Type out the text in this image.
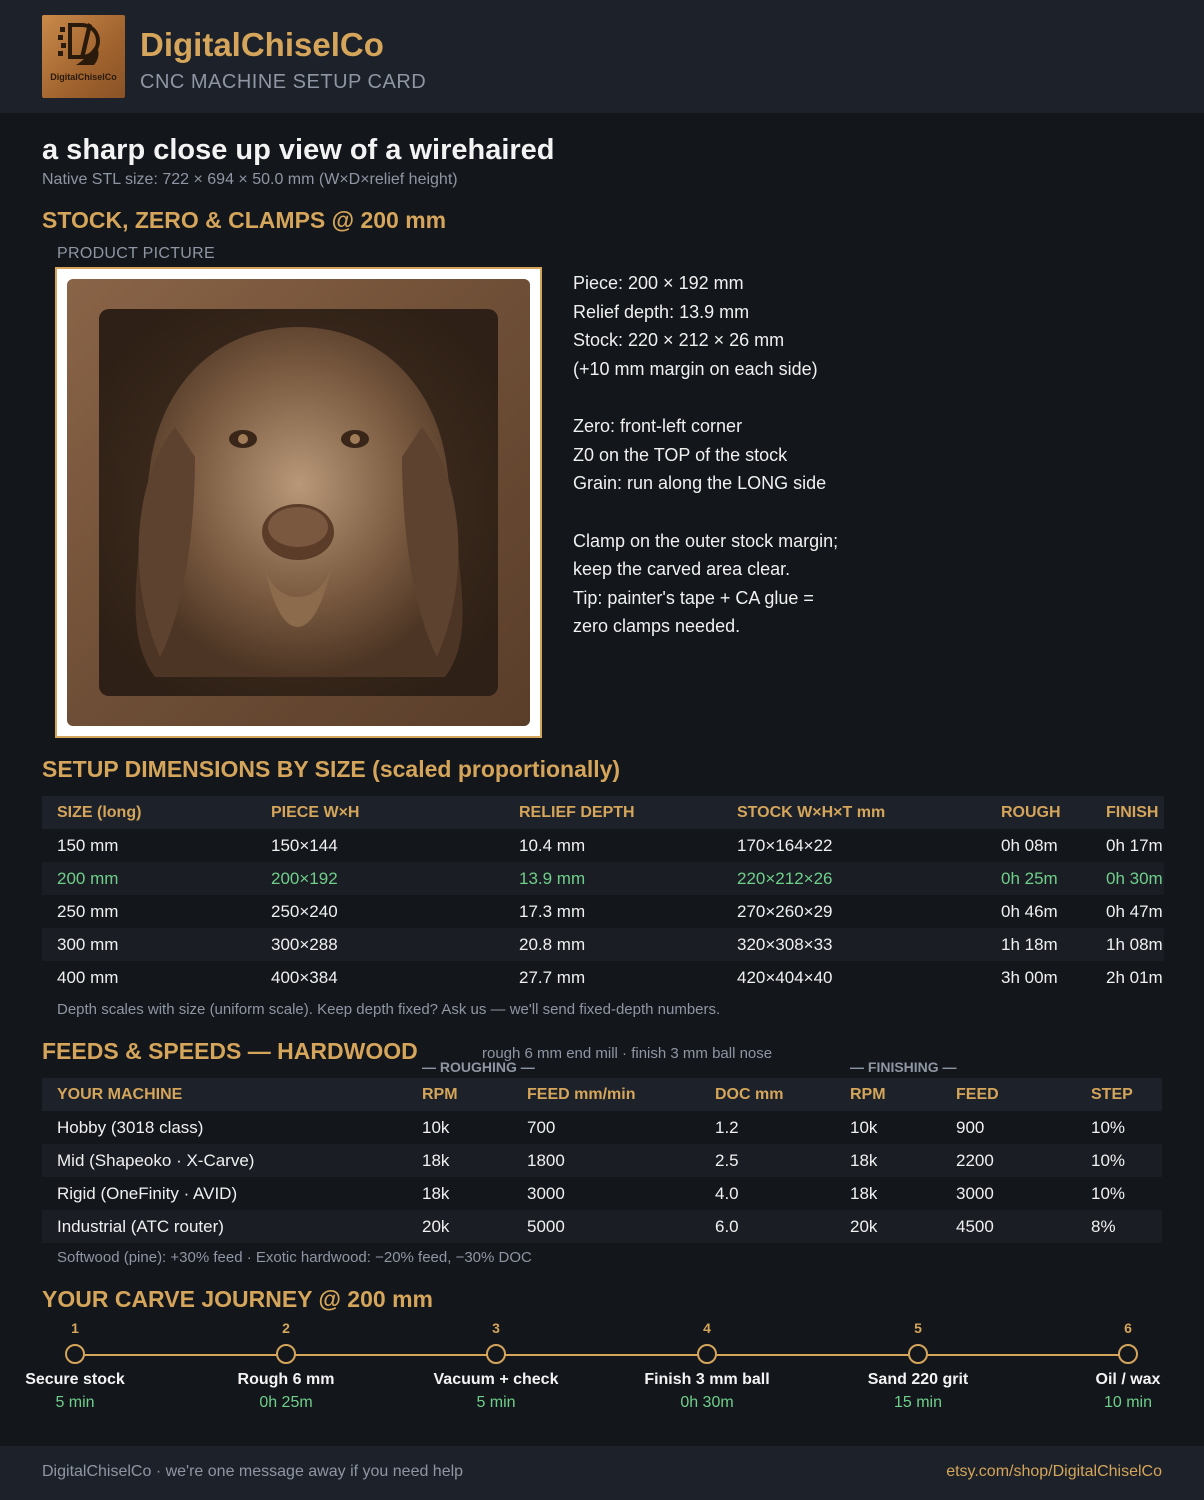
DigitalChiselCo
DigitalChiselCo
CNC MACHINE SETUP CARD
a sharp close up view of a wirehaired
Native STL size: 722 × 694 × 50.0 mm (W×D×relief height)
STOCK, ZERO & CLAMPS @ 200 mm
PRODUCT PICTURE
Piece: 200 × 192 mm
Relief depth: 13.9 mm
Stock: 220 × 212 × 26 mm
(+10 mm margin on each side)
Zero: front-left corner
Z0 on the TOP of the stock
Grain: run along the LONG side
Clamp on the outer stock margin;
keep the carved area clear.
Tip: painter's tape + CA glue =
zero clamps needed.
SETUP DIMENSIONS BY SIZE (scaled proportionally)
SIZE (long)	PIECE W×H	RELIEF DEPTH	STOCK W×H×T mm	ROUGH	FINISH
150 mm	150×144	10.4 mm	170×164×22	0h 08m	0h 17m
200 mm	200×192	13.9 mm	220×212×26	0h 25m	0h 30m
250 mm	250×240	17.3 mm	270×260×29	0h 46m	0h 47m
300 mm	300×288	20.8 mm	320×308×33	1h 18m	1h 08m
400 mm	400×384	27.7 mm	420×404×40	3h 00m	2h 01m
Depth scales with size (uniform scale). Keep depth fixed? Ask us — we'll send fixed-depth numbers.
FEEDS & SPEEDS — HARDWOOD	rough 6 mm end mill · finish 3 mm ball nose
— ROUGHING —	— FINISHING —
YOUR MACHINE	RPM	FEED mm/min	DOC mm	RPM	FEED	STEP
Hobby (3018 class)	10k	700	1.2	10k	900	10%
Mid (Shapeoko · X-Carve)	18k	1800	2.5	18k	2200	10%
Rigid (OneFinity · AVID)	18k	3000	4.0	18k	3000	10%
Industrial (ATC router)	20k	5000	6.0	20k	4500	8%
Softwood (pine): +30% feed · Exotic hardwood: −20% feed, −30% DOC
YOUR CARVE JOURNEY @ 200 mm
1
Secure stock
5 min
2
Rough 6 mm
0h 25m
3
Vacuum + check
5 min
4
Finish 3 mm ball
0h 30m
5
Sand 220 grit
15 min
6
Oil / wax
10 min
DigitalChiselCo · we're one message away if you need help	etsy.com/shop/DigitalChiselCo
